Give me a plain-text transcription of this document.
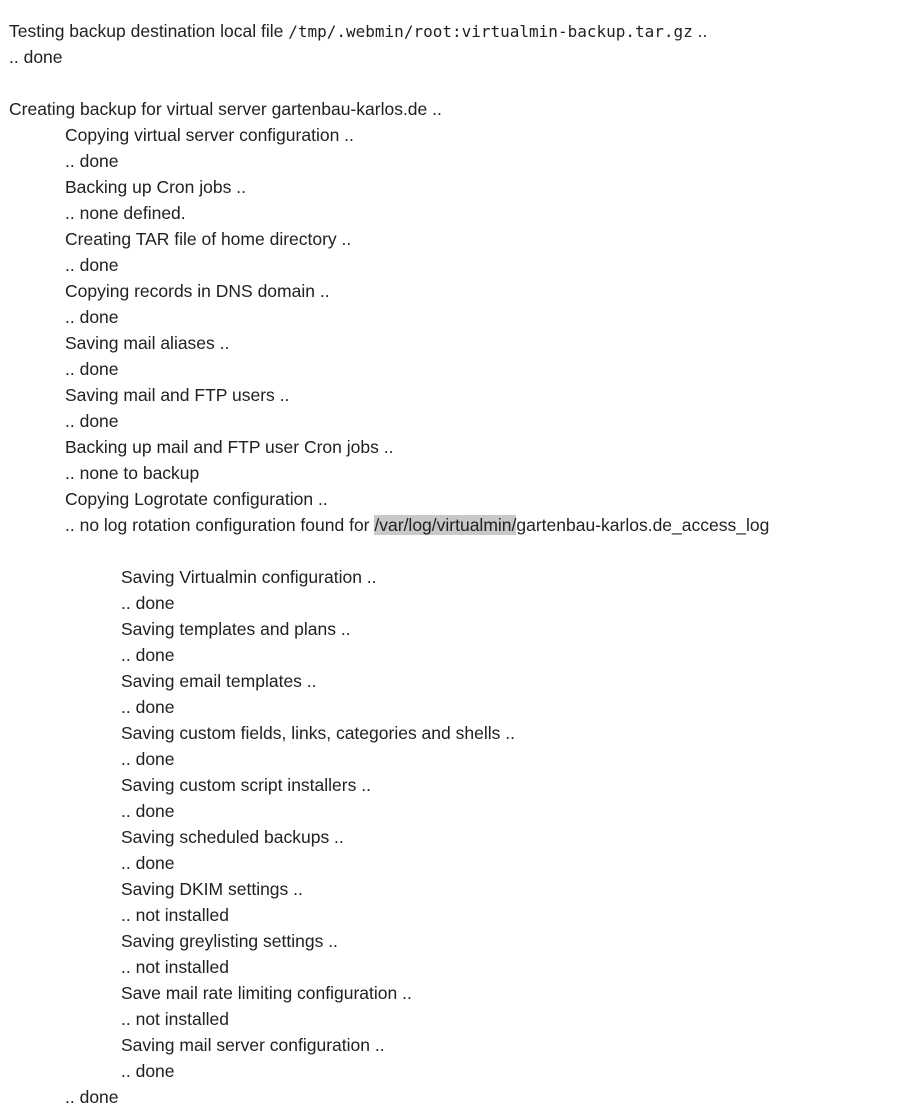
Testing backup destination local file /tmp/.webmin/root:virtualmin-backup.tar.gz ..
.. done
Creating backup for virtual server gartenbau-karlos.de ..
Copying virtual server configuration ..
.. done
Backing up Cron jobs ..
.. none defined.
Creating TAR file of home directory ..
.. done
Copying records in DNS domain ..
.. done
Saving mail aliases ..
.. done
Saving mail and FTP users ..
.. done
Backing up mail and FTP user Cron jobs ..
.. none to backup
Copying Logrotate configuration ..
.. no log rotation configuration found for /var/log/virtualmin/gartenbau-karlos.de_access_log
Saving Virtualmin configuration ..
.. done
Saving templates and plans ..
.. done
Saving email templates ..
.. done
Saving custom fields, links, categories and shells ..
.. done
Saving custom script installers ..
.. done
Saving scheduled backups ..
.. done
Saving DKIM settings ..
.. not installed
Saving greylisting settings ..
.. not installed
Save mail rate limiting configuration ..
.. not installed
Saving mail server configuration ..
.. done
.. done
